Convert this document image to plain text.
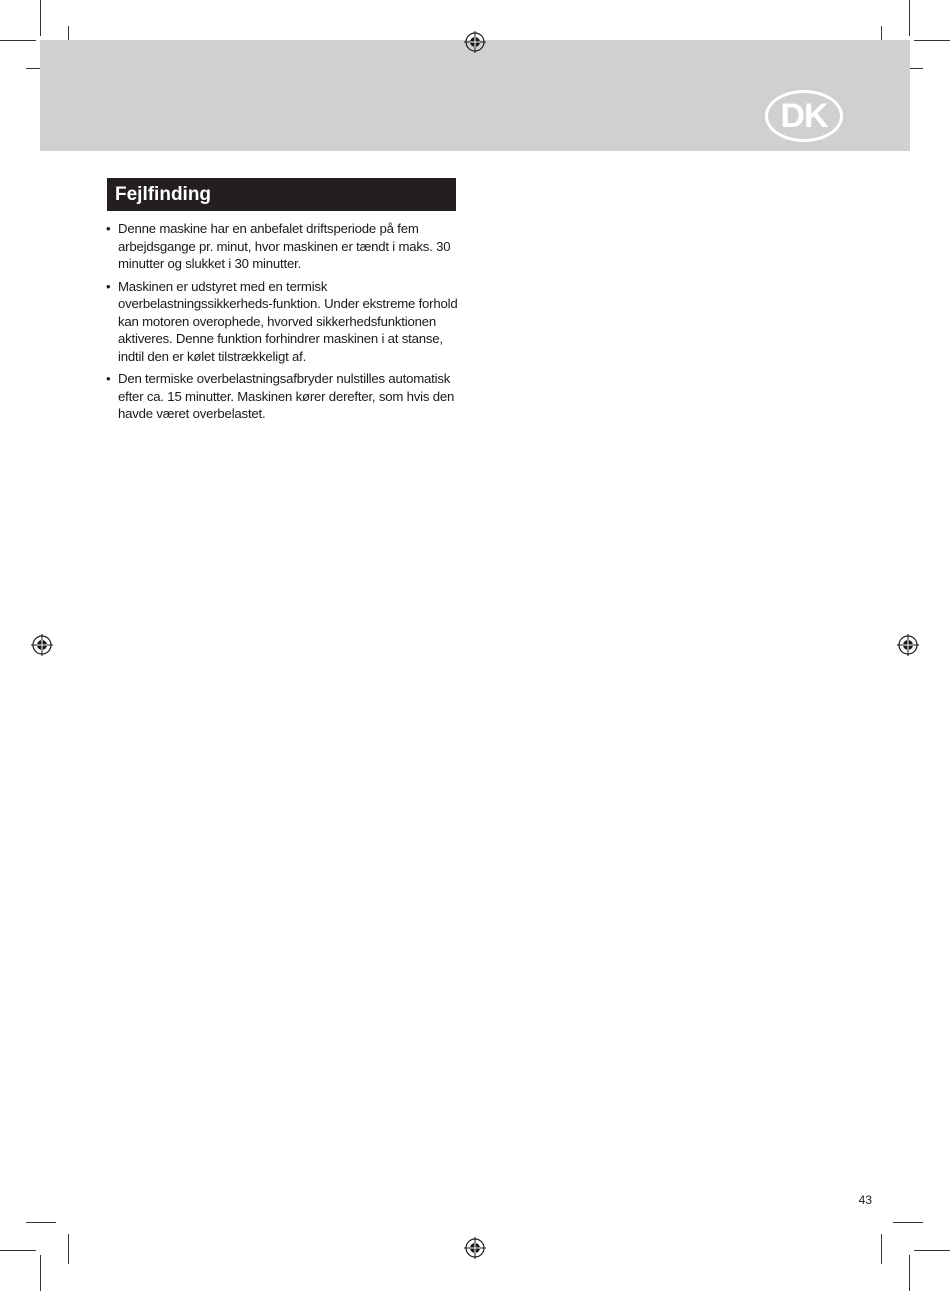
DK
Fejlfinding
• Denne maskine har en anbefalet driftsperiode på fem arbejdsgange pr. minut, hvor maskinen er tændt i maks. 30 minutter og slukket i 30 minutter.
• Maskinen er udstyret med en termisk overbelastningssikkerheds-funktion. Under ekstreme forhold kan motoren overophede, hvorved sikkerhedsfunktionen aktiveres. Denne funktion forhindrer maskinen i at stanse, indtil den er kølet tilstrækkeligt af.
• Den termiske overbelastningsafbryder nulstilles automatisk efter ca. 15 minutter. Maskinen kører derefter, som hvis den havde været overbelastet.
43
